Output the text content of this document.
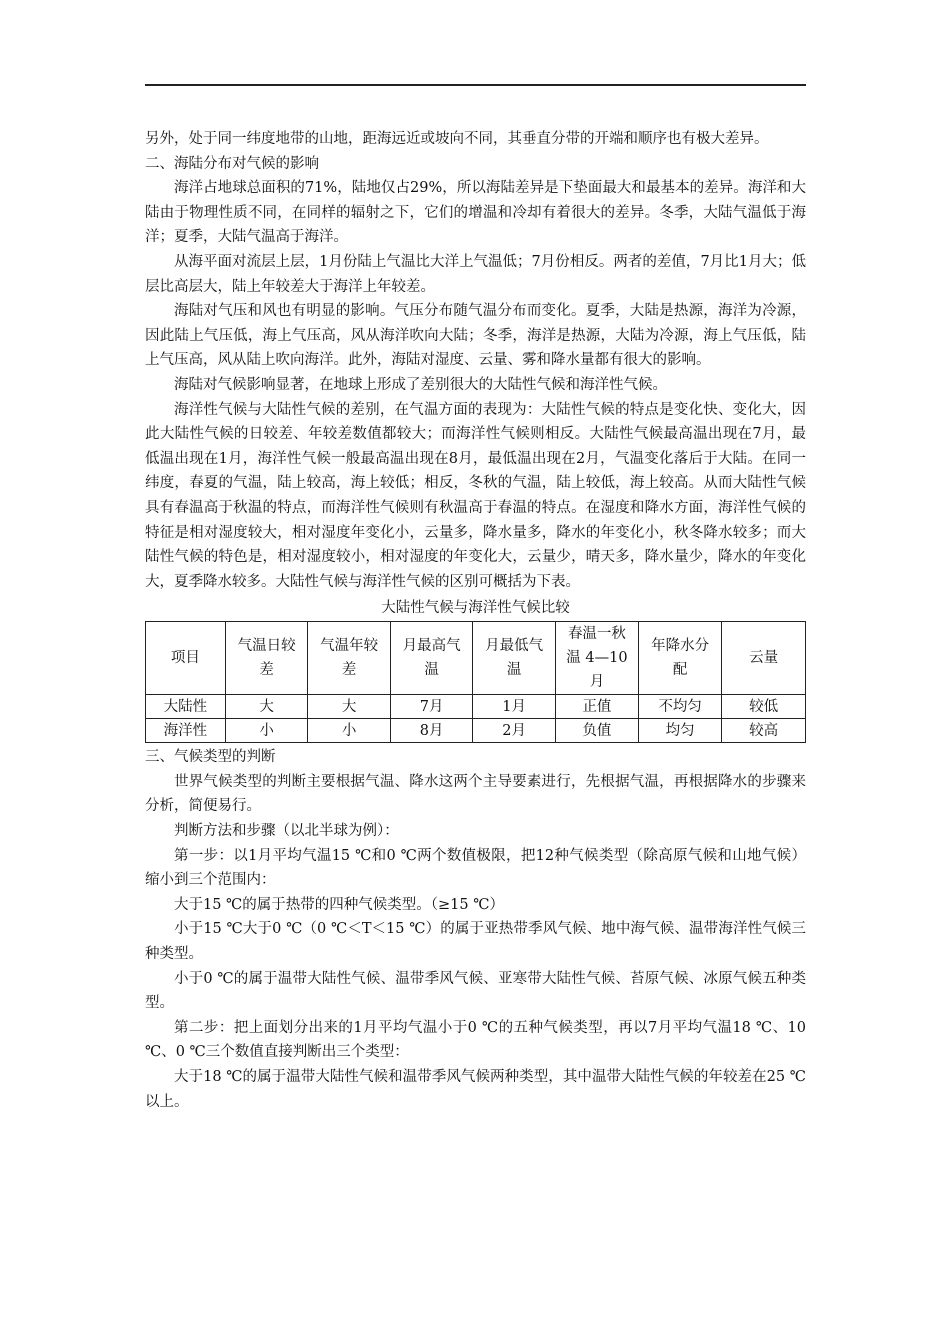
另外，处于同一纬度地带的山地，距海远近或坡向不同，其垂直分带的开端和顺序也有极大差异。

二、海陆分布对气候的影响

海洋占地球总面积的71%，陆地仅占29%，所以海陆差异是下垫面最大和最基本的差异。海洋和大陆由于物理性质不同，在同样的辐射之下，它们的增温和冷却有着很大的差异。冬季，大陆气温低于海洋；夏季，大陆气温高于海洋。

从海平面对流层上层，1月份陆上气温比大洋上气温低；7月份相反。两者的差值，7月比1月大；低层比高层大，陆上年较差大于海洋上年较差。

海陆对气压和风也有明显的影响。气压分布随气温分布而变化。夏季，大陆是热源，海洋为冷源，因此陆上气压低，海上气压高，风从海洋吹向大陆；冬季，海洋是热源，大陆为冷源，海上气压低，陆上气压高，风从陆上吹向海洋。此外，海陆对湿度、云量、雾和降水量都有很大的影响。

海陆对气候影响显著，在地球上形成了差别很大的大陆性气候和海洋性气候。

海洋性气候与大陆性气候的差别，在气温方面的表现为：大陆性气候的特点是变化快、变化大，因此大陆性气候的日较差、年较差数值都较大；而海洋性气候则相反。大陆性气候最高温出现在7月，最低温出现在1月，海洋性气候一般最高温出现在8月，最低温出现在2月，气温变化落后于大陆。在同一纬度，春夏的气温，陆上较高，海上较低；相反，冬秋的气温，陆上较低，海上较高。从而大陆性气候具有春温高于秋温的特点，而海洋性气候则有秋温高于春温的特点。在湿度和降水方面，海洋性气候的特征是相对湿度较大，相对湿度年变化小，云量多，降水量多，降水的年变化小，秋冬降水较多；而大陆性气候的特色是，相对湿度较小，相对湿度的年变化大，云量少，晴天多，降水量少，降水的年变化大，夏季降水较多。大陆性气候与海洋性气候的区别可概括为下表。

大陆性气候与海洋性气候比较
项目	气温日较差	气温年较差	月最高气温	月最低气温	春温一秋温 4—10 月	年降水分配	云量
大陆性	大	大	7月	1月	正值	不均匀	较低
海洋性	小	小	8月	2月	负值	均匀	较高

三、气候类型的判断

世界气候类型的判断主要根据气温、降水这两个主导要素进行，先根据气温，再根据降水的步骤来分析，简便易行。

判断方法和步骤（以北半球为例）：

第一步：以1月平均气温15 ℃和0 ℃两个数值极限，把12种气候类型（除高原气候和山地气候）缩小到三个范围内：

大于15 ℃的属于热带的四种气候类型。（≥15 ℃）

小于15 ℃大于0 ℃（0 ℃＜T＜15 ℃）的属于亚热带季风气候、地中海气候、温带海洋性气候三种类型。

小于0 ℃的属于温带大陆性气候、温带季风气候、亚寒带大陆性气候、苔原气候、冰原气候五种类型。

第二步：把上面划分出来的1月平均气温小于0 ℃的五种气候类型，再以7月平均气温18 ℃、10 ℃、0 ℃三个数值直接判断出三个类型：

大于18 ℃的属于温带大陆性气候和温带季风气候两种类型，其中温带大陆性气候的年较差在25 ℃以上。
